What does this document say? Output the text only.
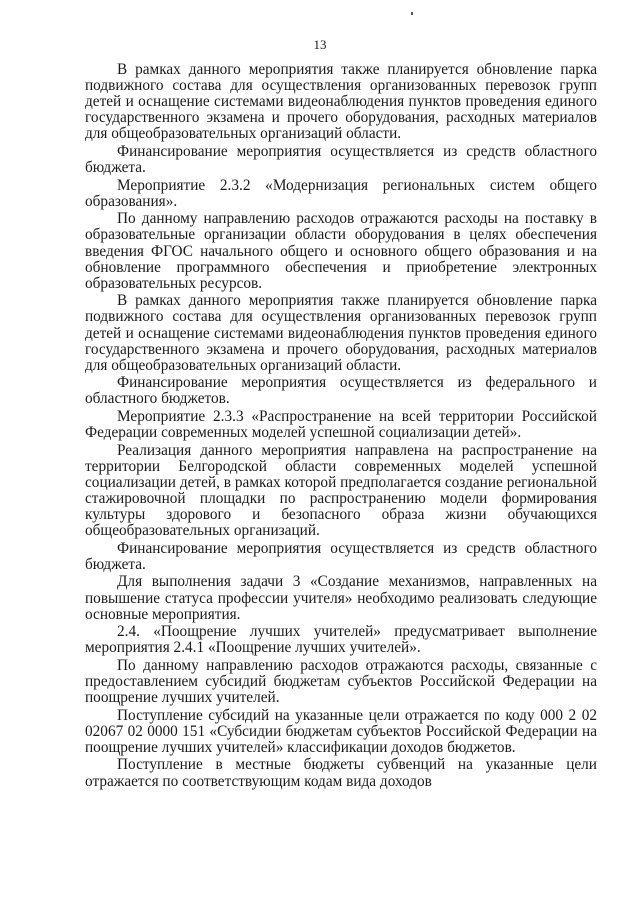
13

В рамках данного мероприятия также планируется обновление парка подвижного состава для осуществления организованных перевозок групп детей и оснащение системами видеонаблюдения пунктов проведения единого государственного экзамена и прочего оборудования, расходных материалов для общеобразовательных организаций области.

Финансирование мероприятия осуществляется из средств областного бюджета.

Мероприятие 2.3.2 «Модернизация региональных систем общего образования».

По данному направлению расходов отражаются расходы на поставку в образовательные организации области оборудования в целях обеспечения введения ФГОС начального общего и основного общего образования и на обновление программного обеспечения и приобретение электронных образовательных ресурсов.

В рамках данного мероприятия также планируется обновление парка подвижного состава для осуществления организованных перевозок групп детей и оснащение системами видеонаблюдения пунктов проведения единого государственного экзамена и прочего оборудования, расходных материалов для общеобразовательных организаций области.

Финансирование мероприятия осуществляется из федерального и областного бюджетов.

Мероприятие 2.3.3 «Распространение на всей территории Российской Федерации современных моделей успешной социализации детей».

Реализация данного мероприятия направлена на распространение на территории Белгородской области современных моделей успешной социализации детей, в рамках которой предполагается создание региональной стажировочной площадки по распространению модели формирования культуры здорового и безопасного образа жизни обучающихся общеобразовательных организаций.

Финансирование мероприятия осуществляется из средств областного бюджета.

Для выполнения задачи 3 «Создание механизмов, направленных на повышение статуса профессии учителя» необходимо реализовать следующие основные мероприятия.

2.4. «Поощрение лучших учителей» предусматривает выполнение мероприятия 2.4.1 «Поощрение лучших учителей».

По данному направлению расходов отражаются расходы, связанные с предоставлением субсидий бюджетам субъектов Российской Федерации на поощрение лучших учителей.

Поступление субсидий на указанные цели отражается по коду 000 2 02 02067 02 0000 151 «Субсидии бюджетам субъектов Российской Федерации на поощрение лучших учителей» классификации доходов бюджетов.

Поступление в местные бюджеты субвенций на указанные цели отражается по соответствующим кодам вида доходов
